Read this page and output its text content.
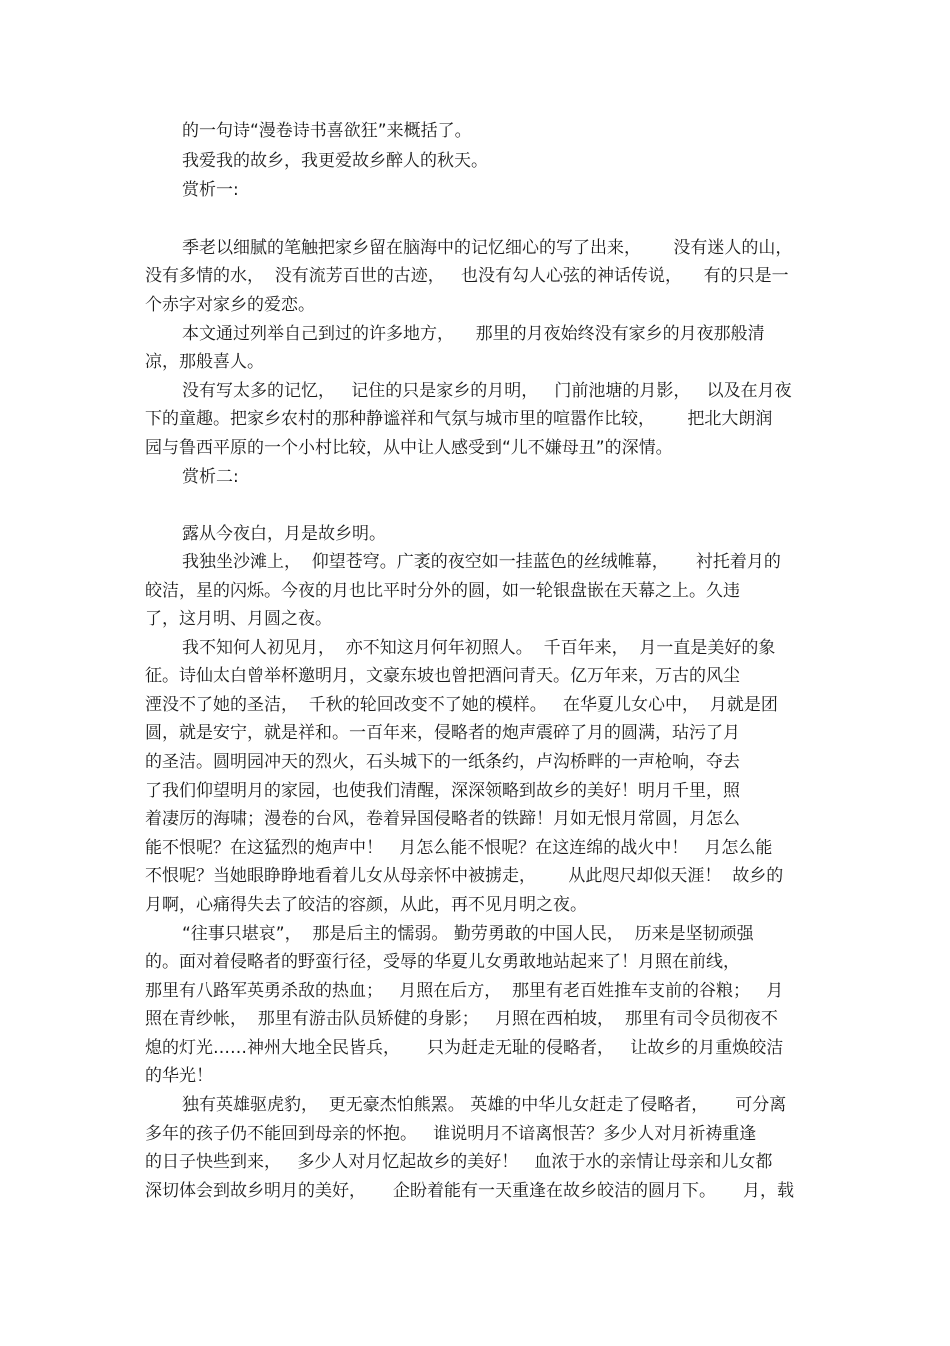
的一句诗“漫卷诗书喜欲狂”来概括了。
我爱我的故乡，我更爱故乡醉人的秋天。
赏析一:
季老以细腻的笔触把家乡留在脑海中的记忆细心的写了出来，      没有迷人的山，
没有多情的水，  没有流芳百世的古迹，   也没有勾人心弦的神话传说，    有的只是一
个赤字对家乡的爱恋。
本文通过列举自己到过的许多地方，    那里的月夜始终没有家乡的月夜那般清
凉，那般喜人。
没有写太多的记忆，   记住的只是家乡的月明，   门前池塘的月影，   以及在月夜
下的童趣。把家乡农村的那种静谧祥和气氛与城市里的喧嚣作比较，      把北大朗润
园与鲁西平原的一个小村比较，从中让人感受到“儿不嫌母丑”的深情。
赏析二:
露从今夜白，月是故乡明。
我独坐沙滩上，  仰望苍穹。广袤的夜空如一挂蓝色的丝绒帷幕，     衬托着月的
皎洁，星的闪烁。今夜的月也比平时分外的圆，如一轮银盘嵌在天幕之上。久违
了，这月明、月圆之夜。
我不知何人初见月，  亦不知这月何年初照人。  千百年来，  月一直是美好的象
征。诗仙太白曾举杯邀明月，文豪东坡也曾把酒问青天。亿万年来，万古的风尘
湮没不了她的圣洁，  千秋的轮回改变不了她的模样。   在华夏儿女心中，  月就是团
圆，就是安宁，就是祥和。一百年来，侵略者的炮声震碎了月的圆满，玷污了月
的圣洁。圆明园冲天的烈火，石头城下的一纸条约，卢沟桥畔的一声枪响，夺去
了我们仰望明月的家园，也使我们清醒，深深领略到故乡的美好！明月千里，照
着凄厉的海啸；漫卷的台风，卷着异国侵略者的铁蹄！月如无恨月常圆，月怎么
能不恨呢？在这猛烈的炮声中！   月怎么能不恨呢？在这连绵的战火中！   月怎么能
不恨呢？当她眼睁睁地看着儿女从母亲怀中被掳走，      从此咫尺却似天涯！  故乡的
月啊，心痛得失去了皎洁的容颜，从此，再不见月明之夜。
“往事只堪哀”，  那是后主的懦弱。 勤劳勇敢的中国人民，  历来是坚韧顽强
的。面对着侵略者的野蛮行径，受辱的华夏儿女勇敢地站起来了！月照在前线，
那里有八路军英勇杀敌的热血；   月照在后方，  那里有老百姓推车支前的谷粮；   月
照在青纱帐，  那里有游击队员矫健的身影；   月照在西柏坡，  那里有司令员彻夜不
熄的灯光……神州大地全民皆兵，     只为赶走无耻的侵略者，   让故乡的月重焕皎洁
的华光！
独有英雄驱虎豹，  更无豪杰怕熊罴。 英雄的中华儿女赶走了侵略者，     可分离
多年的孩子仍不能回到母亲的怀抱。   谁说明月不谙离恨苦？多少人对月祈祷重逢
的日子快些到来，   多少人对月忆起故乡的美好！   血浓于水的亲情让母亲和儿女都
深切体会到故乡明月的美好，     企盼着能有一天重逢在故乡皎洁的圆月下。     月，载
